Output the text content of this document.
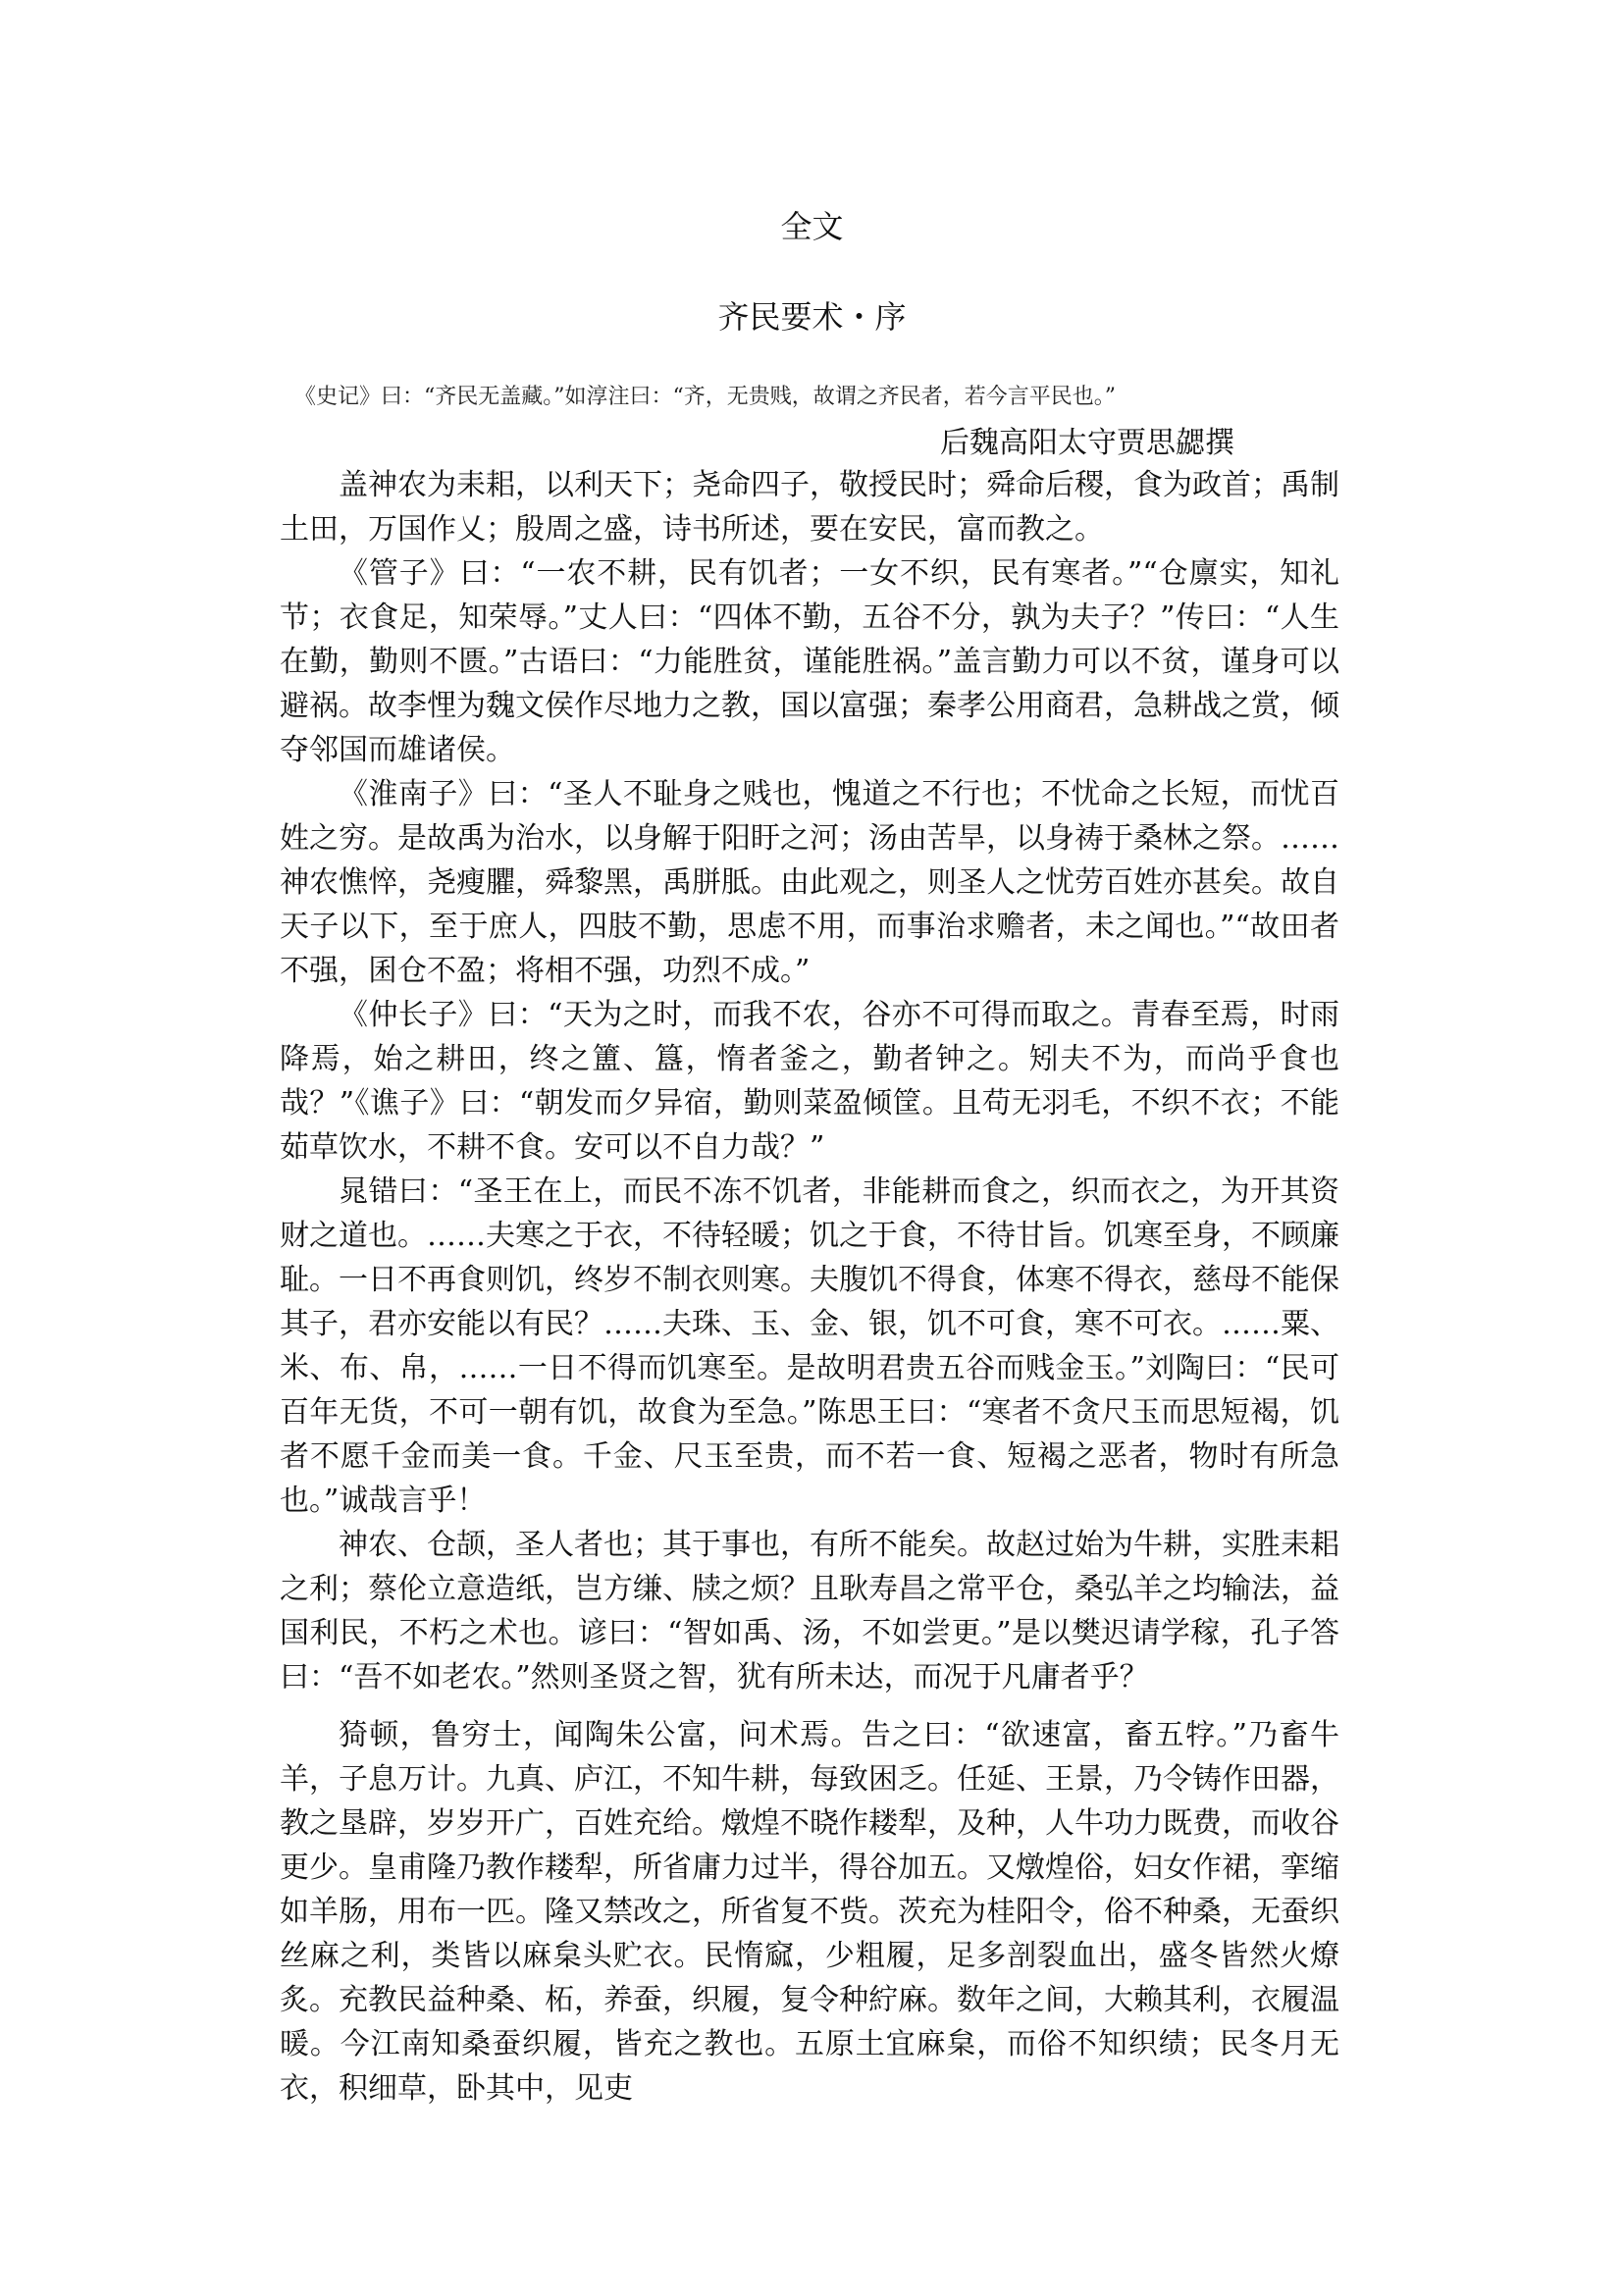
全文
齐民要术・序
《史记》曰：“齐民无盖藏。”如淳注曰：“齐，无贵贱，故谓之齐民者，若今言平民也。”
后魏高阳太守贾思勰撰

盖神农为耒耜，以利天下；尧命四子，敬授民时；舜命后稷，食为政首；禹制土田，万国作乂；殷周之盛，诗书所述，要在安民，富而教之。

《管子》曰：“一农不耕，民有饥者；一女不织，民有寒者。”“仓廪实，知礼节；衣食足，知荣辱。”丈人曰：“四体不勤，五谷不分，孰为夫子？”传曰：“人生在勤，勤则不匮。”古语曰：“力能胜贫，谨能胜祸。”盖言勤力可以不贫，谨身可以避祸。故李悝为魏文侯作尽地力之教，国以富强；秦孝公用商君，急耕战之赏，倾夺邻国而雄诸侯。

《淮南子》曰：“圣人不耻身之贱也，愧道之不行也；不忧命之长短，而忧百姓之穷。是故禹为治水，以身解于阳盱之河；汤由苦旱，以身祷于桑林之祭。……神农憔悴，尧瘦臞，舜黎黑，禹胼胝。由此观之，则圣人之忧劳百姓亦甚矣。故自天子以下，至于庶人，四肢不勤，思虑不用，而事治求赡者，未之闻也。”“故田者不强，囷仓不盈；将相不强，功烈不成。”

《仲长子》曰：“天为之时，而我不农，谷亦不可得而取之。青春至焉，时雨降焉，始之耕田，终之簠、簋，惰者釜之，勤者钟之。矧夫不为，而尚乎食也哉？”《谯子》曰：“朝发而夕异宿，勤则菜盈倾筐。且苟无羽毛，不织不衣；不能茹草饮水，不耕不食。安可以不自力哉？”

晁错曰：“圣王在上，而民不冻不饥者，非能耕而食之，织而衣之，为开其资财之道也。……夫寒之于衣，不待轻暖；饥之于食，不待甘旨。饥寒至身，不顾廉耻。一日不再食则饥，终岁不制衣则寒。夫腹饥不得食，体寒不得衣，慈母不能保其子，君亦安能以有民？……夫珠、玉、金、银，饥不可食，寒不可衣。……粟、米、布、帛，……一日不得而饥寒至。是故明君贵五谷而贱金玉。”刘陶曰：“民可百年无货，不可一朝有饥，故食为至急。”陈思王曰：“寒者不贪尺玉而思短褐，饥者不愿千金而美一食。千金、尺玉至贵，而不若一食、短褐之恶者，物时有所急也。”诚哉言乎！

神农、仓颉，圣人者也；其于事也，有所不能矣。故赵过始为牛耕，实胜耒耜之利；蔡伦立意造纸，岂方缣、牍之烦？且耿寿昌之常平仓，桑弘羊之均输法，益国利民，不朽之术也。谚曰：“智如禹、汤，不如尝更。”是以樊迟请学稼，孔子答曰：“吾不如老农。”然则圣贤之智，犹有所未达，而况于凡庸者乎？

猗顿，鲁穷士，闻陶朱公富，问术焉。告之曰：“欲速富，畜五牸。”乃畜牛羊，子息万计。九真、庐江，不知牛耕，每致困乏。任延、王景，乃令铸作田器，教之垦辟，岁岁开广，百姓充给。燉煌不晓作耧犁，及种，人牛功力既费，而收谷更少。皇甫隆乃教作耧犁，所省庸力过半，得谷加五。又燉煌俗，妇女作裙，挛缩如羊肠，用布一匹。隆又禁改之，所省复不赀。茨充为桂阳令，俗不种桑，无蚕织丝麻之利，类皆以麻枲头贮衣。民惰窳，少粗履，足多剖裂血出，盛冬皆然火燎炙。充教民益种桑、柘，养蚕，织履，复令种紵麻。数年之间，大赖其利，衣履温暖。今江南知桑蚕织履，皆充之教也。五原土宜麻枲，而俗不知织绩；民冬月无衣，积细草，卧其中，见吏
